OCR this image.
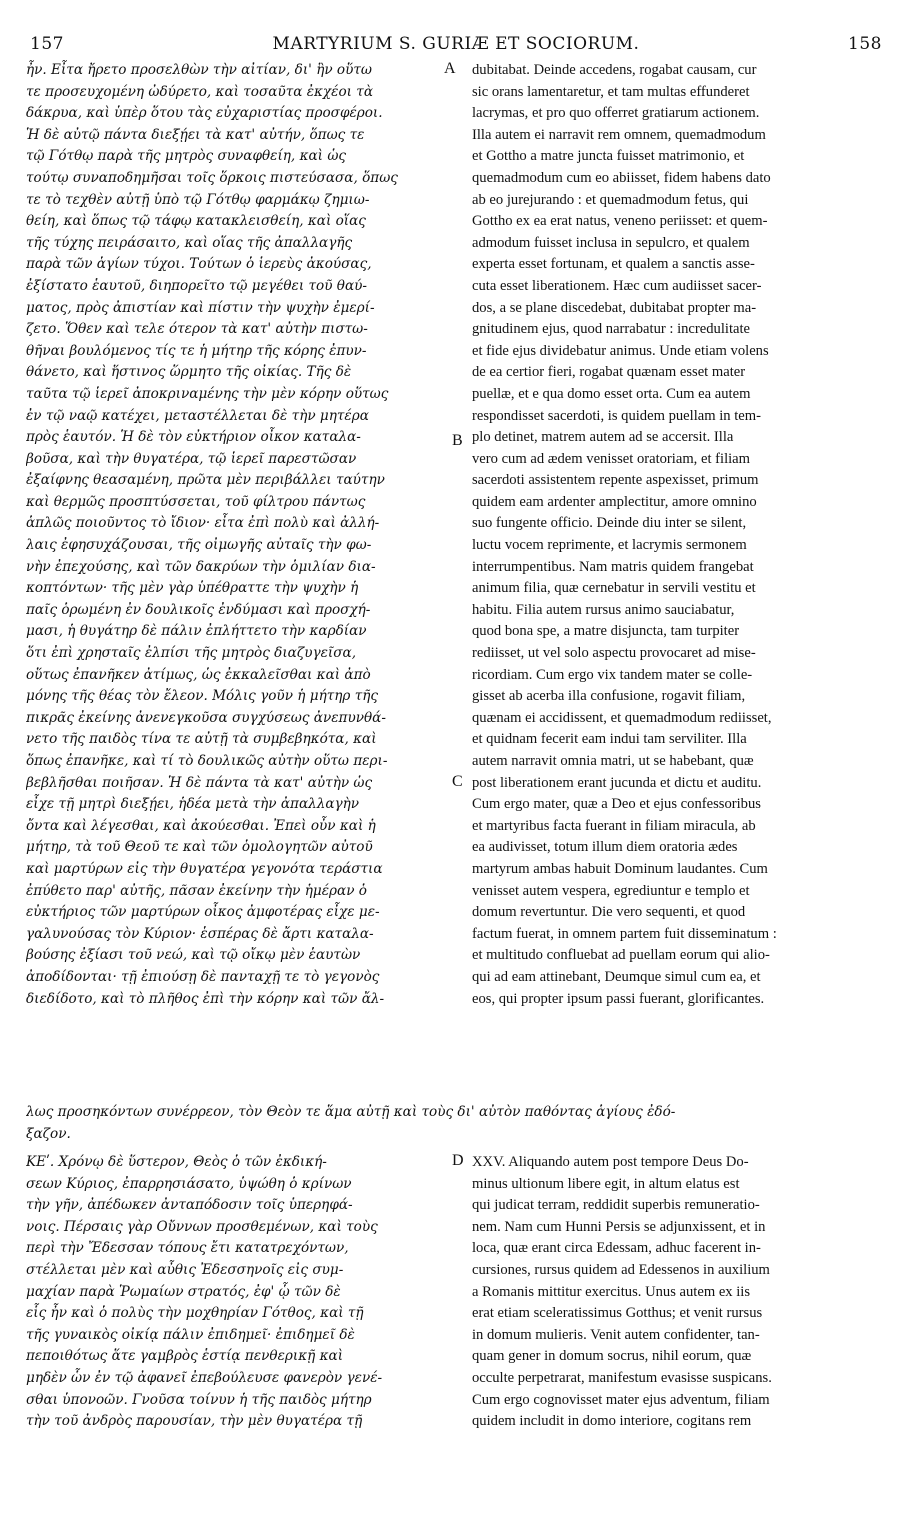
157	MARTYRIUM S. GURIÆ ET SOCIORUM.	158
ἦν. Εἶτα ἤρετο προσελθὼν τὴν αἰτίαν, δι' ἣν οὕτω
τε προσευχομένη ὠδύρετο, καὶ τοσαῦτα ἐκχέοι τὰ
δάκρυα, καὶ ὑπὲρ ὅτου τὰς εὐχαριστίας προσφέροι.
Ἡ δὲ αὐτῷ πάντα διεξῄει τὰ κατ' αὐτήν, ὅπως τε
τῷ Γότθῳ παρὰ τῆς μητρὸς συναφθείη, καὶ ὡς
τούτῳ συναποδημῆσαι τοῖς ὅρκοις πιστεύσασα, ὅπως
τε τὸ τεχθὲν αὐτῇ ὑπὸ τῷ Γότθῳ φαρμάκῳ ζημιω-
θείη, καὶ ὅπως τῷ τάφῳ κατακλεισθείη, καὶ οἵας
τῆς τύχης πειράσαιτο, καὶ οἵας τῆς ἀπαλλαγῆς
παρὰ τῶν ἁγίων τύχοι. Τούτων ὁ ἱερεὺς ἀκούσας,
ἐξίστατο ἑαυτοῦ, διηπορεῖτο τῷ μεγέθει τοῦ θαύ-
ματος, πρὸς ἀπιστίαν καὶ πίστιν τὴν ψυχὴν ἐμερί-
ζετο. Ὅθεν καὶ τελε ότερον τὰ κατ' αὐτὴν πιστω-
θῆναι βουλόμενος τίς τε ἡ μήτηρ τῆς κόρης ἐπυν-
θάνετο, καὶ ἥστινος ὥρμητο τῆς οἰκίας. Τῆς δὲ
ταῦτα τῷ ἱερεῖ ἀποκριναμένης τὴν μὲν κόρην οὕτως
ἐν τῷ ναῷ κατέχει, μεταστέλλεται δὲ τὴν μητέρα
πρὸς ἑαυτόν. Ἡ δὲ τὸν εὐκτήριον οἶκον καταλα-
βοῦσα, καὶ τὴν θυγατέρα, τῷ ἱερεῖ παρεστῶσαν
ἐξαίφνης θεασαμένη, πρῶτα μὲν περιβάλλει ταύτην
καὶ θερμῶς προσπτύσσεται, τοῦ φίλτρου πάντως
ἁπλῶς ποιοῦντος τὸ ἴδιον· εἶτα ἐπὶ πολὺ καὶ ἀλλή-
λαις ἐφησυχάζουσαι, τῆς οἰμωγῆς αὐταῖς τὴν φω-
νὴν ἐπεχούσης, καὶ τῶν δακρύων τὴν ὁμιλίαν δια-
κοπτόντων· τῆς μὲν γὰρ ὑπέθραττε τὴν ψυχὴν ἡ
παῖς ὁρωμένη ἐν δουλικοῖς ἐνδύμασι καὶ προσχή-
μασι, ἡ θυγάτηρ δὲ πάλιν ἐπλήττετο τὴν καρδίαν
ὅτι ἐπὶ χρησταῖς ἐλπίσι τῆς μητρὸς διαζυγεῖσα,
οὕτως ἐπανῆκεν ἀτίμως, ὡς ἐκκαλεῖσθαι καὶ ἀπὸ
μόνης τῆς θέας τὸν ἔλεον. Μόλις γοῦν ἡ μήτηρ τῆς
πικρᾶς ἐκείνης ἀνενεγκοῦσα συγχύσεως ἀνεπυνθά-
νετο τῆς παιδὸς τίνα τε αὐτῇ τὰ συμβεβηκότα, καὶ
ὅπως ἐπανῆκε, καὶ τί τὸ δουλικῶς αὐτὴν οὕτω περι-
βεβλῆσθαι ποιῆσαν. Ἡ δὲ πάντα τὰ κατ' αὐτὴν ὡς
εἶχε τῇ μητρὶ διεξῄει, ἡδέα μετὰ τὴν ἀπαλλαγὴν
ὄντα καὶ λέγεσθαι, καὶ ἀκούεσθαι. Ἐπεὶ οὖν καὶ ἡ
μήτηρ, τὰ τοῦ Θεοῦ τε καὶ τῶν ὁμολογητῶν αὐτοῦ
καὶ μαρτύρων εἰς τὴν θυγατέρα γεγονότα τεράστια
ἐπύθετο παρ' αὐτῆς, πᾶσαν ἐκείνην τὴν ἡμέραν ὁ
εὐκτήριος τῶν μαρτύρων οἶκος ἀμφοτέρας εἶχε με-
γαλυνούσας τὸν Κύριον· ἑσπέρας δὲ ἄρτι καταλα-
βούσης ἐξίασι τοῦ νεώ, καὶ τῷ οἴκῳ μὲν ἑαυτὼν
ἀποδίδονται· τῇ ἐπιούσῃ δὲ πανταχῇ τε τὸ γεγονὸς
διεδίδοτο, καὶ τὸ πλῆθος ἐπὶ τὴν κόρην καὶ τῶν ἄλ-
dubitabat. Deinde accedens, rogabat causam, cur
sic orans lamentaretur, et tam multas effunderet
lacrymas, et pro quo offerret gratiarum actionem.
Illa autem ei narravit rem omnem, quemadmodum
et Gottho a matre juncta fuisset matrimonio, et
quemadmodum cum eo abiisset, fidem habens dato
ab eo jurejurando : et quemadmodum fetus, qui
Gottho ex ea erat natus, veneno periisset: et quem-
admodum fuisset inclusa in sepulcro, et qualem
experta esset fortunam, et qualem a sanctis asse-
cuta esset liberationem. Hæc cum audiisset sacer-
dos, a se plane discedebat, dubitabat propter ma-
gnitudinem ejus, quod narrabatur : incredulitate
et fide ejus dividebatur animus. Unde etiam volens
de ea certior fieri, rogabat quænam esset mater
puellæ, et e qua domo esset orta. Cum ea autem
respondisset sacerdoti, is quidem puellam in tem-
plo detinet, matrem autem ad se accersit. Illa
vero cum ad ædem venisset oratoriam, et filiam
sacerdoti assistentem repente aspexisset, primum
quidem eam ardenter amplectitur, amore omnino
suo fungente officio. Deinde diu inter se silent,
luctu vocem reprimente, et lacrymis sermonem
interrumpentibus. Nam matris quidem frangebat
animum filia, quæ cernebatur in servili vestitu et
habitu. Filia autem rursus animo sauciabatur,
quod bona spe, a matre disjuncta, tam turpiter
rediisset, ut vel solo aspectu provocaret ad mise-
ricordiam. Cum ergo vix tandem mater se colle-
gisset ab acerba illa confusione, rogavit filiam,
quænam ei accidissent, et quemadmodum rediisset,
et quidnam fecerit eam indui tam serviliter. Illa
autem narravit omnia matri, ut se habebant, quæ
post liberationem erant jucunda et dictu et auditu.
Cum ergo mater, quæ a Deo et ejus confessoribus
et martyribus facta fuerant in filiam miracula, ab
ea audivisset, totum illum diem oratoria ædes
martyrum ambas habuit Dominum laudantes. Cum
venisset autem vespera, egrediuntur e templo et
domum revertuntur. Die vero sequenti, et quod
factum fuerat, in omnem partem fuit disseminatum :
et multitudo confluebat ad puellam eorum qui alio-
qui ad eam attinebant, Deumque simul cum ea, et
eos, qui propter ipsum passi fuerant, glorificantes.
λως προσηκόντων συνέρρεον, τὸν Θεὸν τε ἅμα αὐτῇ καὶ τοὺς δι' αὐτὸν παθόντας ἁγίους ἐδό-
ξαζον.
ΚΕʹ. Χρόνῳ δὲ ὕστερον, Θεὸς ὁ τῶν ἐκδική-
σεων Κύριος, ἐπαρρησιάσατο, ὑψώθη ὁ κρίνων
τὴν γῆν, ἀπέδωκεν ἀνταπόδοσιν τοῖς ὑπερηφά-
νοις. Πέρσαις γὰρ Οὔννων προσθεμένων, καὶ τοὺς
περὶ τὴν Ἔδεσσαν τόπους ἔτι κατατρεχόντων,
στέλλεται μὲν καὶ αὖθις Ἐδεσσηνοῖς εἰς συμ-
μαχίαν παρὰ Ῥωμαίων στρατός, ἐφ' ᾧ τῶν δὲ
εἷς ἦν καὶ ὁ πολὺς τὴν μοχθηρίαν Γότθος, καὶ τῇ
τῆς γυναικὸς οἰκίᾳ πάλιν ἐπιδημεῖ· ἐπιδημεῖ δὲ
πεποιθότως ἅτε γαμβρὸς ἑστίᾳ πενθερικῇ καὶ
μηδὲν ὧν ἐν τῷ ἀφανεῖ ἐπεβούλευσε φανερὸν γενέ-
σθαι ὑπονοῶν. Γνοῦσα τοίνυν ἡ τῆς παιδὸς μήτηρ
τὴν τοῦ ἀνδρὸς παρουσίαν, τὴν μὲν θυγατέρα τῇ
XXV. Aliquando autem post tempore Deus Do-
minus ultionum libere egit, in altum elatus est
qui judicat terram, reddidit superbis remuneratio-
nem. Nam cum Hunni Persis se adjunxissent, et in
loca, quæ erant circa Edessam, adhuc facerent in-
cursiones, rursus quidem ad Edessenos in auxilium
a Romanis mittitur exercitus. Unus autem ex iis
erat etiam sceleratissimus Gotthus; et venit rursus
in domum mulieris. Venit autem confidenter, tan-
quam gener in domum socrus, nihil eorum, quæ
occulte perpetrarat, manifestum evasisse suspicans.
Cum ergo cognovisset mater ejus adventum, filiam
quidem includit in domo interiore, cogitans rem
A
B
C
D
